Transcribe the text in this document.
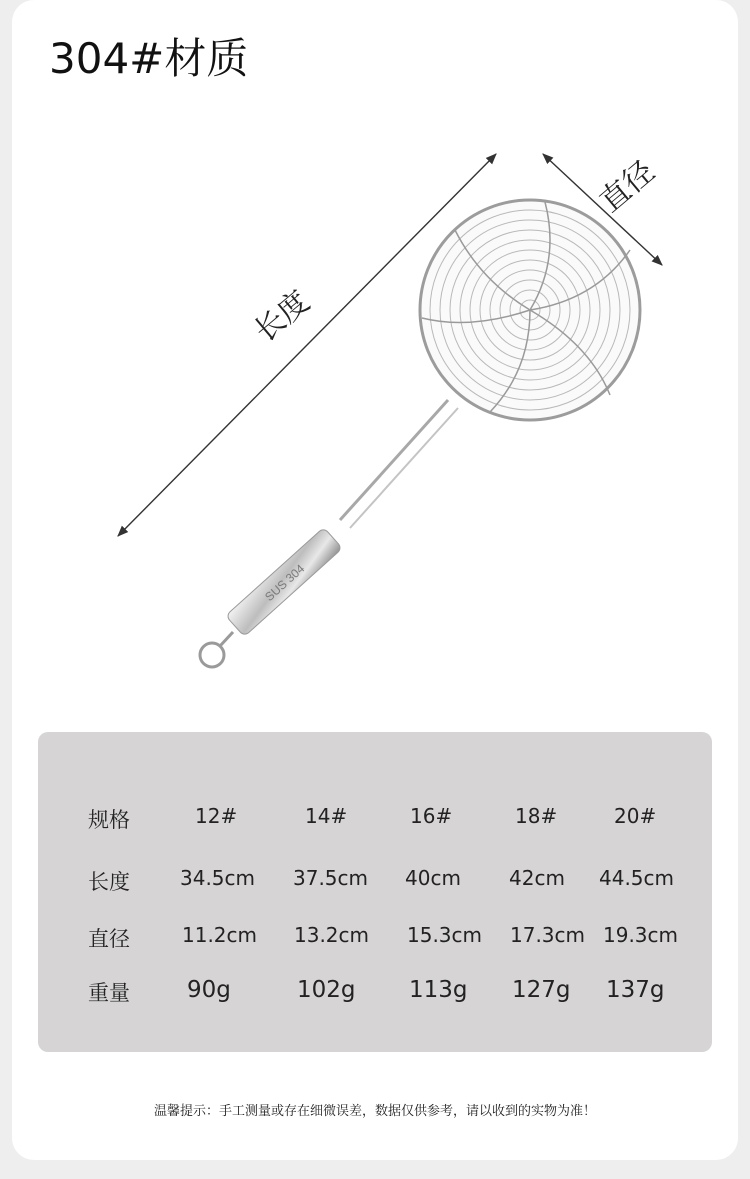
304#材质
SUS 304
长度
直径
规格	12#	14#	16#	18#	20#
长度	34.5cm 37.5cm 40cm 42cm 44.5cm
直径	11.2cm 13.2cm 15.3cm 17.3cm 19.3cm
重量 90g	102g 113g 127g 137g
温馨提示：手工测量或存在细微误差，数据仅供参考，请以收到的实物为准！
